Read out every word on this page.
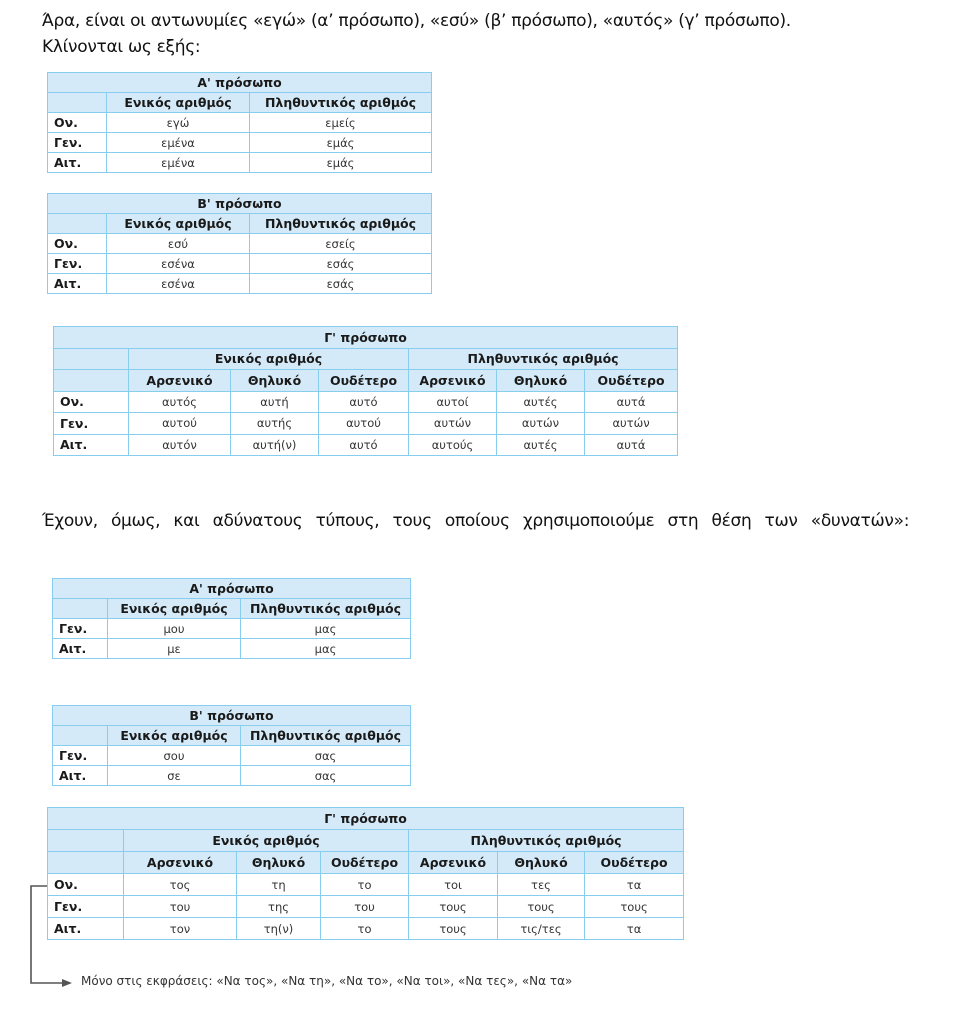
Άρα, είναι οι αντωνυμίες «εγώ» (α’ πρόσωπο), «εσύ» (β’ πρόσωπο), «αυτός» (γ’ πρόσωπο).
Κλίνονται ως εξής:
Α' πρόσωπο		
	Ενικός αριθμός	Πληθυντικός αριθμός
Ον.	εγώ	εμείς
Γεν.	εμένα	εμάς
Αιτ.	εμένα	εμάς
Β' πρόσωπο		
	Ενικός αριθμός	Πληθυντικός αριθμός
Ον.	εσύ	εσείς
Γεν.	εσένα	εσάς
Αιτ.	εσένα	εσάς
Γ' πρόσωπο						
	Ενικός αριθμός			Πληθυντικός αριθμός		
	Αρσενικό	Θηλυκό	Ουδέτερο	Αρσενικό	Θηλυκό	Ουδέτερο
Ον.	αυτός	αυτή	αυτό	αυτοί	αυτές	αυτά
Γεν.	αυτού	αυτής	αυτού	αυτών	αυτών	αυτών
Αιτ.	αυτόν	αυτή(ν)	αυτό	αυτούς	αυτές	αυτά
Έχουν, όμως, και αδύνατους τύπους, τους οποίους χρησιμοποιούμε στη θέση των «δυνατών»:
Α' πρόσωπο		
	Ενικός αριθμός	Πληθυντικός αριθμός
Γεν.	μου	μας
Αιτ.	με	μας
Β' πρόσωπο		
	Ενικός αριθμός	Πληθυντικός αριθμός
Γεν.	σου	σας
Αιτ.	σε	σας
Γ' πρόσωπο						
	Ενικός αριθμός			Πληθυντικός αριθμός		
	Αρσενικό	Θηλυκό	Ουδέτερο	Αρσενικό	Θηλυκό	Ουδέτερο
Ον.	τος	τη	το	τοι	τες	τα
Γεν.	του	της	του	τους	τους	τους
Αιτ.	τον	τη(ν)	το	τους	τις/τες	τα
Μόνο στις εκφράσεις: «Να τος», «Να τη», «Να το», «Να τοι», «Να τες», «Να τα»
